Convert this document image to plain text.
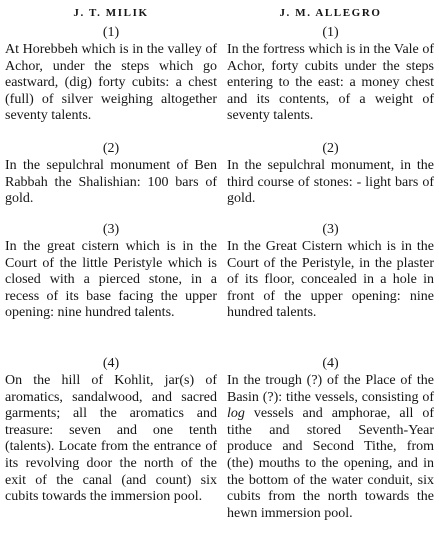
J. T. MILIK
(1)
At Horebbeh which is in the valley of Achor, under the steps which go eastward, (dig) forty cubits: a chest (full) of silver weighing altogether seventy talents.
(2)
In the sepulchral monument of Ben Rabbah the Shalishian: 100 bars of gold.
(3)
In the great cistern which is in the Court of the little Peristyle which is closed with a pierced stone, in a recess of its base facing the upper opening: nine hundred talents.
(4)
On the hill of Kohlit, jar(s) of aromatics, sandalwood, and sacred garments; all the aromatics and treasure: seven and one tenth (talents). Locate from the entrance of its revolving door the north of the exit of the canal (and count) six cubits towards the immersion pool.
J. M. ALLEGRO
(1)
In the fortress which is in the Vale of Achor, forty cubits under the steps entering to the east: a money chest and its contents, of a weight of seventy talents.
(2)
In the sepulchral monument, in the third course of stones: - light bars of gold.
(3)
In the Great Cistern which is in the Court of the Peristyle, in the plaster of its floor, concealed in a hole in front of the upper opening: nine hundred talents.
(4)
In the trough (?) of the Place of the Basin (?): tithe vessels, consisting of log vessels and amphorae, all of tithe and stored Seventh-Year produce and Second Tithe, from (the) mouths to the opening, and in the bottom of the water conduit, six cubits from the north towards the hewn immersion pool.
